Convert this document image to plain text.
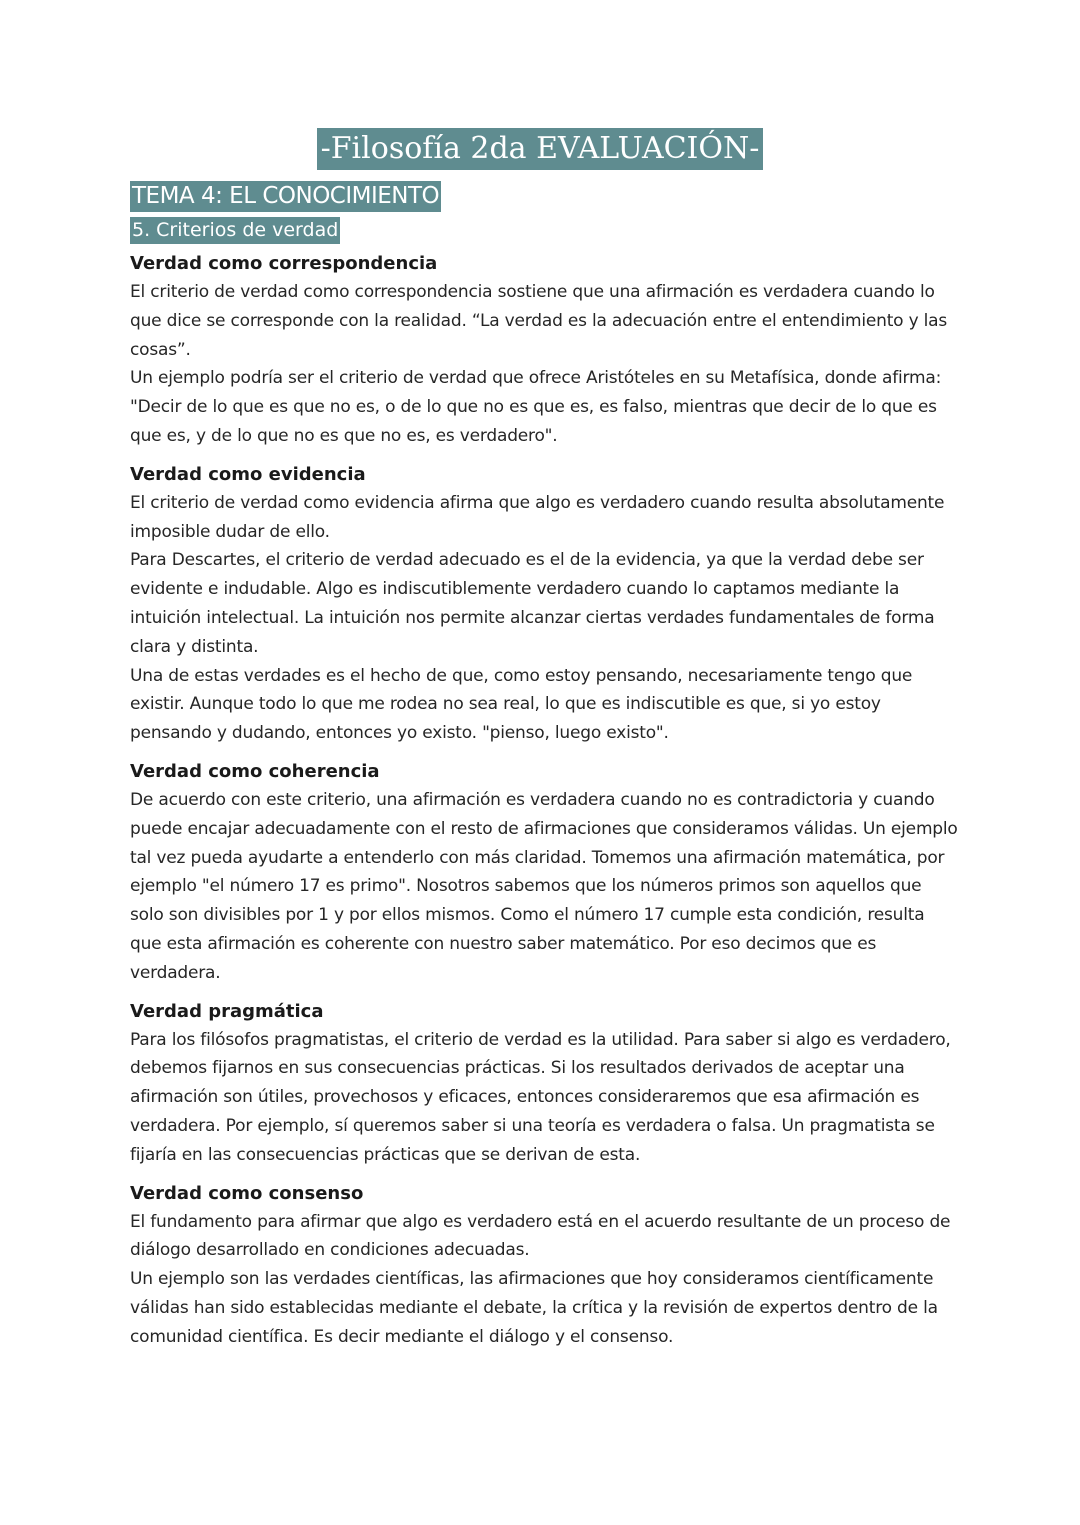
-Filosofía 2da EVALUACIÓN-
TEMA 4: EL CONOCIMIENTO
5. Criterios de verdad
Verdad como correspondencia

El criterio de verdad como correspondencia sostiene que una afirmación es verdadera cuando lo que dice se corresponde con la realidad. “La verdad es la adecuación entre el entendimiento y las cosas”.

Un ejemplo podría ser el criterio de verdad que ofrece Aristóteles en su Metafísica, donde afirma: "Decir de lo que es que no es, o de lo que no es que es, es falso, mientras que decir de lo que es que es, y de lo que no es que no es, es verdadero".

Verdad como evidencia

El criterio de verdad como evidencia afirma que algo es verdadero cuando resulta absolutamente imposible dudar de ello.

Para Descartes, el criterio de verdad adecuado es el de la evidencia, ya que la verdad debe ser evidente e indudable. Algo es indiscutiblemente verdadero cuando lo captamos mediante la intuición intelectual. La intuición nos permite alcanzar ciertas verdades fundamentales de forma clara y distinta.

Una de estas verdades es el hecho de que, como estoy pensando, necesariamente tengo que existir. Aunque todo lo que me rodea no sea real, lo que es indiscutible es que, si yo estoy pensando y dudando, entonces yo existo. "pienso, luego existo".

Verdad como coherencia

De acuerdo con este criterio, una afirmación es verdadera cuando no es contradictoria y cuando puede encajar adecuadamente con el resto de afirmaciones que consideramos válidas. Un ejemplo tal vez pueda ayudarte a entenderlo con más claridad. Tomemos una afirmación matemática, por ejemplo "el número 17 es primo". Nosotros sabemos que los números primos son aquellos que solo son divisibles por 1 y por ellos mismos. Como el número 17 cumple esta condición, resulta que esta afirmación es coherente con nuestro saber matemático. Por eso decimos que es verdadera.

Verdad pragmática

Para los filósofos pragmatistas, el criterio de verdad es la utilidad. Para saber si algo es verdadero, debemos fijarnos en sus consecuencias prácticas. Si los resultados derivados de aceptar una afirmación son útiles, provechosos y eficaces, entonces consideraremos que esa afirmación es verdadera. Por ejemplo, sí queremos saber si una teoría es verdadera o falsa. Un pragmatista se fijaría en las consecuencias prácticas que se derivan de esta.

Verdad como consenso

El fundamento para afirmar que algo es verdadero está en el acuerdo resultante de un proceso de diálogo desarrollado en condiciones adecuadas.

Un ejemplo son las verdades científicas, las afirmaciones que hoy consideramos científicamente válidas han sido establecidas mediante el debate, la crítica y la revisión de expertos dentro de la comunidad científica. Es decir mediante el diálogo y el consenso.
